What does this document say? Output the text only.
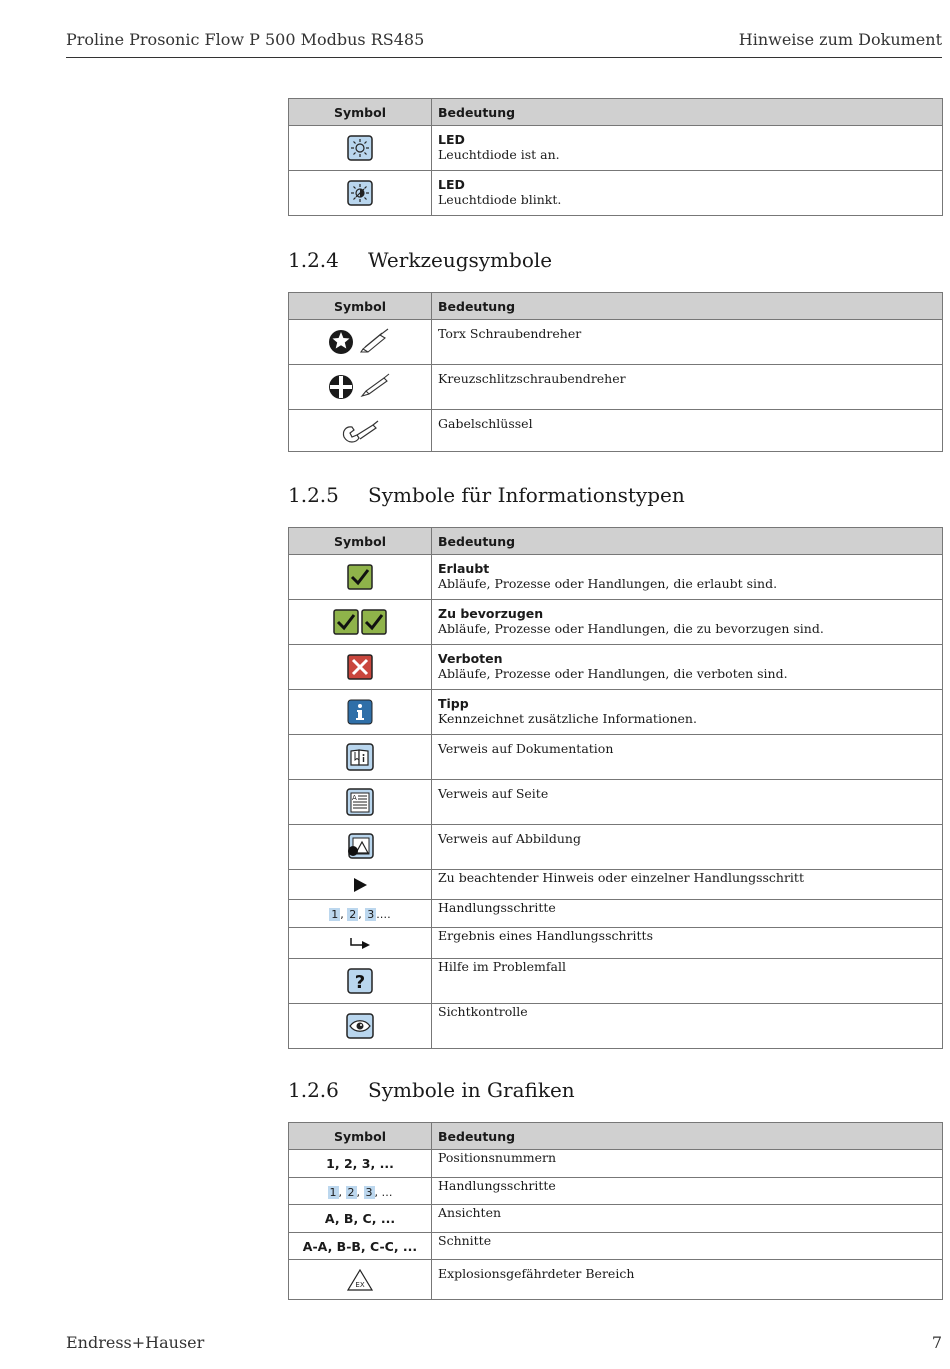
Proline Prosonic Flow P 500 Modbus RS485	Hinweise zum Dokument
Symbol	Bedeutung

LED
Leuchtdiode ist an.

LED
Leuchtdiode blinkt.
1.2.4 Werkzeugsymbole
Symbol	Bedeutung

Torx Schraubendreher

Kreuzschlitzschraubendreher

Gabelschlüssel
1.2.5 Symbole für Informationstypen
Symbol	Bedeutung

Erlaubt
Abläufe, Prozesse oder Handlungen, die erlaubt sind.

Zu bevorzugen
Abläufe, Prozesse oder Handlungen, die zu bevorzugen sind.

Verboten
Abläufe, Prozesse oder Handlungen, die verboten sind.

Tipp
Kennzeichnet zusätzliche Informationen.

Verweis auf Dokumentation

A	Verweis auf Seite

Verweis auf Abbildung

Zu beachtender Hinweis oder einzelner Handlungsschritt

1 , 2 , 3 .…	Handlungsschritte

Ergebnis eines Handlungsschritts

?	Hilfe im Problemfall

Sichtkontrolle
1.2.6 Symbole in Grafiken
Symbol	Bedeutung
1, 2, 3, ...	Positionsnummern

1 , 2 , 3 , …	Handlungsschritte

A, B, C, ...	Ansichten

A-A, B-B, C-C, ...	Schnitte

EX	Explosionsgefährdeter Bereich
Endress+Hauser	7
